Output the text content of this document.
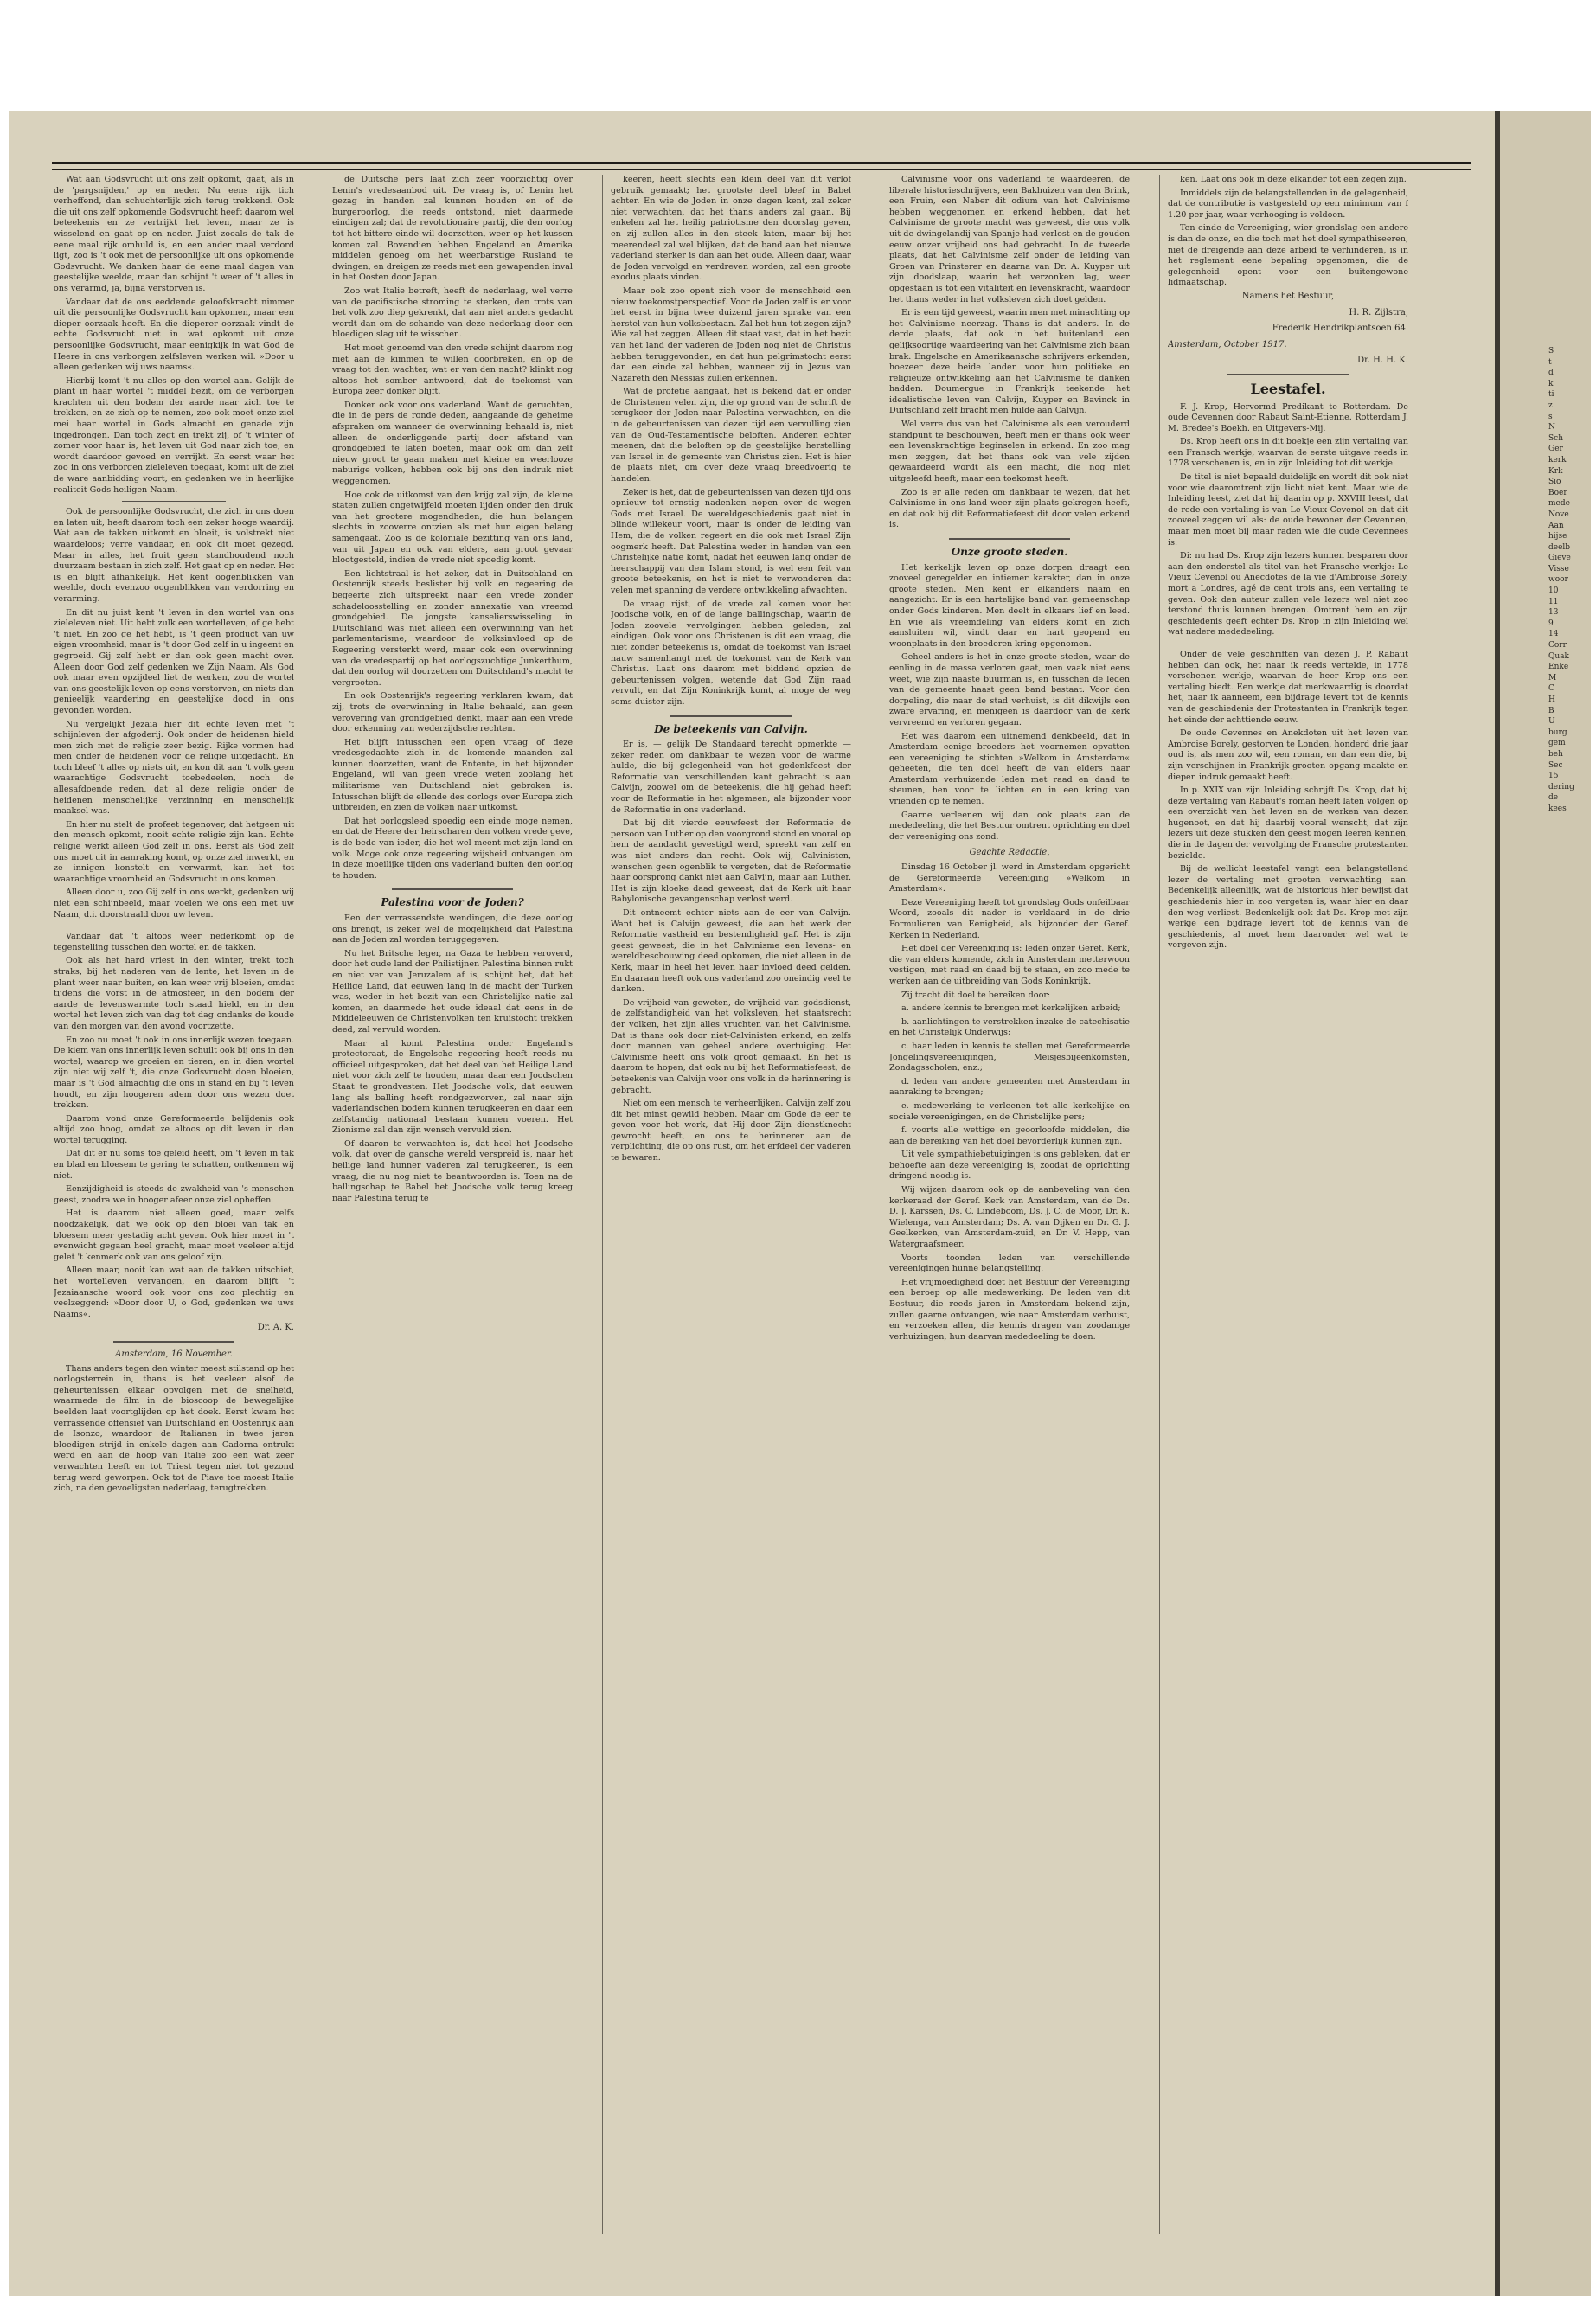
Wat aan Godsvrucht uit ons zelf opkomt, gaat, als in de 'pargsnijden,' op en neder. Nu eens rijk tich verheffend, dan schuchterlijk zich terug trekkend. Ook die uit ons zelf opkomende Godsvrucht heeft daarom wel beteekenis en ze vertrijkt het leven, maar ze is wisselend en gaat op en neder. Juist zooals de tak de eene maal rijk omhuld is, en een ander maal verdord ligt, zoo is 't ook met de persoonlijke uit ons opkomende Godsvrucht. We danken haar de eene maal dagen van geestelijke weelde, maar dan schijnt 't weer of 't alles in ons verarmd, ja, bijna verstorven is.

Vandaar dat de ons eeddende geloofskracht nimmer uit die persoonlijke Godsvrucht kan opkomen, maar een dieper oorzaak heeft. En die dieperer oorzaak vindt de echte Godsvrucht niet in wat opkomt uit onze persoonlijke Godsvrucht, maar eenigkijk in wat God de Heere in ons verborgen zelfsleven werken wil. »Door u alleen gedenken wij uws naams«.

Hierbij komt 't nu alles op den wortel aan. Gelijk de plant in haar wortel 't middel bezit, om de verborgen krachten uit den bodem der aarde naar zich toe te trekken, en ze zich op te nemen, zoo ook moet onze ziel mei haar wortel in Gods almacht en genade zijn ingedrongen. Dan toch zegt en trekt zij, of 't winter of zomer voor haar is, het leven uit God naar zich toe, en wordt daardoor gevoed en verrijkt. En eerst waar het zoo in ons verborgen zieleleven toegaat, komt uit de ziel de ware aanbidding voort, en gedenken we in heerlijke realiteit Gods heiligen Naam.

Ook de persoonlijke Godsvrucht, die zich in ons doen en laten uit, heeft daarom toch een zeker hooge waardij. Wat aan de takken uitkomt en bloeit, is volstrekt niet waardeloos; verre vandaar, en ook dit moet gezegd. Maar in alles, het fruit geen standhoudend noch duurzaam bestaan in zich zelf. Het gaat op en neder. Het is en blijft afhankelijk. Het kent oogenblikken van weelde, doch evenzoo oogenblikken van verdorring en verarming.

En dit nu juist kent 't leven in den wortel van ons zieleleven niet. Uit hebt zulk een wortelleven, of ge hebt 't niet. En zoo ge het hebt, is 't geen product van uw eigen vroomheid, maar is 't door God zelf in u ingeent en gegroeid. Gij zelf hebt er dan ook geen macht over. Alleen door God zelf gedenken we Zijn Naam. Als God ook maar even opzijdeel liet de werken, zou de wortel van ons geestelijk leven op eens verstorven, en niets dan genieelijk vaardering en geestelijke dood in ons gevonden worden.

Nu vergelijkt Jezaia hier dit echte leven met 't schijnleven der afgoderij. Ook onder de heidenen hield men zich met de religie zeer bezig. Rijke vormen had men onder de heidenen voor de religie uitgedacht. En toch bleef 't alles op niets uit, en kon dit aan 't volk geen waarachtige Godsvrucht toebedeelen, noch de allesafdoende reden, dat al deze religie onder de heidenen menschelijke verzinning en menschelijk maaksel was.

En hier nu stelt de profeet tegenover, dat hetgeen uit den mensch opkomt, nooit echte religie zijn kan. Echte religie werkt alleen God zelf in ons. Eerst als God zelf ons moet uit in aanraking komt, op onze ziel inwerkt, en ze innigen konstelt en verwarmt, kan het tot waarachtige vroomheid en Godsvrucht in ons komen.

Alleen door u, zoo Gij zelf in ons werkt, gedenken wij niet een schijnbeeld, maar voelen we ons een met uw Naam, d.i. doorstraald door uw leven.

Vandaar dat 't altoos weer nederkomt op de tegenstelling tusschen den wortel en de takken.

Ook als het hard vriest in den winter, trekt toch straks, bij het naderen van de lente, het leven in de plant weer naar buiten, en kan weer vrij bloeien, omdat tijdens die vorst in de atmosfeer, in den bodem der aarde de levenswarmte toch staad hield, en in den wortel het leven zich van dag tot dag ondanks de koude van den morgen van den avond voortzette.

En zoo nu moet 't ook in ons innerlijk wezen toegaan. De kiem van ons innerlijk leven schuilt ook bij ons in den wortel, waarop we groeien en tieren, en in dien wortel zijn niet wij zelf 't, die onze Godsvrucht doen bloeien, maar is 't God almachtig die ons in stand en bij 't leven houdt, en zijn hoogeren adem door ons wezen doet trekken.

Daarom vond onze Gereformeerde belijdenis ook altijd zoo hoog, omdat ze altoos op dit leven in den wortel terugging.

Dat dit er nu soms toe geleid heeft, om 't leven in tak en blad en bloesem te gering te schatten, ontkennen wij niet.

Eenzijdigheid is steeds de zwakheid van 's menschen geest, zoodra we in hooger afeer onze ziel opheffen.

Het is daarom niet alleen goed, maar zelfs noodzakelijk, dat we ook op den bloei van tak en bloesem meer gestadig acht geven. Ook hier moet in 't evenwicht gegaan heel gracht, maar moet veeleer altijd gelet 't kenmerk ook van ons geloof zijn.

Alleen maar, nooit kan wat aan de takken uitschiet, het wortelleven vervangen, en daarom blijft 't Jezaiaansche woord ook voor ons zoo plechtig en veelzeggend: »Door door U, o God, gedenken we uws Naams«.

Dr. A. K.
Amsterdam, 16 November.

Thans anders tegen den winter meest stilstand op het oorlogsterrein in, thans is het veeleer alsof de geheurtenissen elkaar opvolgen met de snelheid, waarmede de film in de bioscoop de bewegelijke beelden laat voortglijden op het doek. Eerst kwam het verrassende offensief van Duitschland en Oostenrijk aan de Isonzo, waardoor de Italianen in twee jaren bloedigen strijd in enkele dagen aan Cadorna ontrukt werd en aan de hoop van Italie zoo een wat zeer verwachten heeft en tot Triest tegen niet tot gezond terug werd geworpen. Ook tot de Piave toe moest Italie zich, na den gevoeligsten nederlaag, terugtrekken.

de Duitsche pers laat zich zeer voorzichtig over Lenin's vredesaanbod uit. De vraag is, of Lenin het gezag in handen zal kunnen houden en of de burgeroorlog, die reeds ontstond, niet daarmede eindigen zal; dat de revolutionaire partij, die den oorlog tot het bittere einde wil doorzetten, weer op het kussen komen zal. Bovendien hebben Engeland en Amerika middelen genoeg om het weerbarstige Rusland te dwingen, en dreigen ze reeds met een gewapenden inval in het Oosten door Japan.

Zoo wat Italie betreft, heeft de nederlaag, wel verre van de pacifistische stroming te sterken, den trots van het volk zoo diep gekrenkt, dat aan niet anders gedacht wordt dan om de schande van deze nederlaag door een bloedigen slag uit te wisschen.

Het moet genoemd van den vrede schijnt daarom nog niet aan de kimmen te willen doorbreken, en op de vraag tot den wachter, wat er van den nacht? klinkt nog altoos het somber antwoord, dat de toekomst van Europa zeer donker blijft.

Donker ook voor ons vaderland. Want de geruchten, die in de pers de ronde deden, aangaande de geheime afspraken om wanneer de overwinning behaald is, niet alleen de onderliggende partij door afstand van grondgebied te laten boeten, maar ook om dan zelf nieuw groot te gaan maken met kleine en weerlooze naburige volken, hebben ook bij ons den indruk niet weggenomen.

Hoe ook de uitkomst van den krijg zal zijn, de kleine staten zullen ongetwijfeld moeten lijden onder den druk van het grootere mogendheden, die hun belangen slechts in zooverre ontzien als met hun eigen belang samengaat. Zoo is de koloniale bezitting van ons land, van uit Japan en ook van elders, aan groot gevaar blootgesteld, indien de vrede niet spoedig komt.

Een lichtstraal is het zeker, dat in Duitschland en Oostenrijk steeds beslister bij volk en regeering de begeerte zich uitspreekt naar een vrede zonder schadeloosstelling en zonder annexatie van vreemd grondgebied. De jongste kanselierswisseling in Duitschland was niet alleen een overwinning van het parlementarisme, waardoor de volksinvloed op de Regeering versterkt werd, maar ook een overwinning van de vredespartij op het oorlogszuchtige Junkerthum, dat den oorlog wil doorzetten om Duitschland's macht te vergrooten.

En ook Oostenrijk's regeering verklaren kwam, dat zij, trots de overwinning in Italie behaald, aan geen verovering van grondgebied denkt, maar aan een vrede door erkenning van wederzijdsche rechten.

Het blijft intusschen een open vraag of deze vredesgedachte zich in de komende maanden zal kunnen doorzetten, want de Entente, in het bijzonder Engeland, wil van geen vrede weten zoolang het militarisme van Duitschland niet gebroken is. Intusschen blijft de ellende des oorlogs over Europa zich uitbreiden, en zien de volken naar uitkomst.

Dat het oorlogsleed spoedig een einde moge nemen, en dat de Heere der heirscharen den volken vrede geve, is de bede van ieder, die het wel meent met zijn land en volk. Moge ook onze regeering wijsheid ontvangen om in deze moeilijke tijden ons vaderland buiten den oorlog te houden.

Palestina voor de Joden?

Een der verrassendste wendingen, die deze oorlog ons brengt, is zeker wel de mogelijkheid dat Palestina aan de Joden zal worden teruggegeven.

Nu het Britsche leger, na Gaza te hebben veroverd, door het oude land der Philistijnen Palestina binnen rukt en niet ver van Jeruzalem af is, schijnt het, dat het Heilige Land, dat eeuwen lang in de macht der Turken was, weder in het bezit van een Christelijke natie zal komen, en daarmede het oude ideaal dat eens in de Middeleeuwen de Christenvolken ten kruistocht trekken deed, zal vervuld worden.

Maar al komt Palestina onder Engeland's protectoraat, de Engelsche regeering heeft reeds nu officieel uitgesproken, dat het deel van het Heilige Land niet voor zich zelf te houden, maar daar een Joodschen Staat te grondvesten. Het Joodsche volk, dat eeuwen lang als balling heeft rondgezworven, zal naar zijn vaderlandschen bodem kunnen terugkeeren en daar een zelfstandig nationaal bestaan kunnen voeren. Het Zionisme zal dan zijn wensch vervuld zien.

Of daaron te verwachten is, dat heel het Joodsche volk, dat over de gansche wereld verspreid is, naar het heilige land hunner vaderen zal terugkeeren, is een vraag, die nu nog niet te beantwoorden is. Toen na de ballingschap te Babel het Joodsche volk terug kreeg naar Palestina terug te

keeren, heeft slechts een klein deel van dit verlof gebruik gemaakt; het grootste deel bleef in Babel achter. En wie de Joden in onze dagen kent, zal zeker niet verwachten, dat het thans anders zal gaan. Bij enkelen zal het heilig patriotisme den doorslag geven, en zij zullen alles in den steek laten, maar bij het meerendeel zal wel blijken, dat de band aan het nieuwe vaderland sterker is dan aan het oude. Alleen daar, waar de Joden vervolgd en verdreven worden, zal een groote exodus plaats vinden.

Maar ook zoo opent zich voor de menschheid een nieuw toekomstperspectief. Voor de Joden zelf is er voor het eerst in bijna twee duizend jaren sprake van een herstel van hun volksbestaan. Zal het hun tot zegen zijn? Wie zal het zeggen. Alleen dit staat vast, dat in het bezit van het land der vaderen de Joden nog niet de Christus hebben teruggevonden, en dat hun pelgrimstocht eerst dan een einde zal hebben, wanneer zij in Jezus van Nazareth den Messias zullen erkennen.

Wat de profetie aangaat, het is bekend dat er onder de Christenen velen zijn, die op grond van de schrift de terugkeer der Joden naar Palestina verwachten, en die in de gebeurtenissen van dezen tijd een vervulling zien van de Oud-Testamentische beloften. Anderen echter meenen, dat die beloften op de geestelijke herstelling van Israel in de gemeente van Christus zien. Het is hier de plaats niet, om over deze vraag breedvoerig te handelen.

Zeker is het, dat de gebeurtenissen van dezen tijd ons opnieuw tot ernstig nadenken nopen over de wegen Gods met Israel. De wereldgeschiedenis gaat niet in blinde willekeur voort, maar is onder de leiding van Hem, die de volken regeert en die ook met Israel Zijn oogmerk heeft. Dat Palestina weder in handen van een Christelijke natie komt, nadat het eeuwen lang onder de heerschappij van den Islam stond, is wel een feit van groote beteekenis, en het is niet te verwonderen dat velen met spanning de verdere ontwikkeling afwachten.

De vraag rijst, of de vrede zal komen voor het Joodsche volk, en of de lange ballingschap, waarin de Joden zoovele vervolgingen hebben geleden, zal eindigen. Ook voor ons Christenen is dit een vraag, die niet zonder beteekenis is, omdat de toekomst van Israel nauw samenhangt met de toekomst van de Kerk van Christus. Laat ons daarom met biddend opzien de gebeurtenissen volgen, wetende dat God Zijn raad vervult, en dat Zijn Koninkrijk komt, al moge de weg soms duister zijn.

De beteekenis van Calvijn.

Er is, — gelijk De Standaard terecht opmerkte — zeker reden om dankbaar te wezen voor de warme hulde, die bij gelegenheid van het gedenkfeest der Reformatie van verschillenden kant gebracht is aan Calvijn, zoowel om de beteekenis, die hij gehad heeft voor de Reformatie in het algemeen, als bijzonder voor de Reformatie in ons vaderland.

Dat bij dit vierde eeuwfeest der Reformatie de persoon van Luther op den voorgrond stond en vooral op hem de aandacht gevestigd werd, spreekt van zelf en was niet anders dan recht. Ook wij, Calvinisten, wenschen geen ogenblik te vergeten, dat de Reformatie haar oorsprong dankt niet aan Calvijn, maar aan Luther. Het is zijn kloeke daad geweest, dat de Kerk uit haar Babylonische gevangenschap verlost werd.

Dit ontneemt echter niets aan de eer van Calvijn. Want het is Calvijn geweest, die aan het werk der Reformatie vastheid en bestendigheid gaf. Het is zijn geest geweest, die in het Calvinisme een levens- en wereldbeschouwing deed opkomen, die niet alleen in de Kerk, maar in heel het leven haar invloed deed gelden. En daaraan heeft ook ons vaderland zoo oneindig veel te danken.

De vrijheid van geweten, de vrijheid van godsdienst, de zelfstandigheid van het volksleven, het staatsrecht der volken, het zijn alles vruchten van het Calvinisme. Dat is thans ook door niet-Calvinisten erkend, en zelfs door mannen van geheel andere overtuiging. Het Calvinisme heeft ons volk groot gemaakt. En het is daarom te hopen, dat ook nu bij het Reformatiefeest, de beteekenis van Calvijn voor ons volk in de herinnering is gebracht.

Niet om een mensch te verheerlijken. Calvijn zelf zou dit het minst gewild hebben. Maar om Gode de eer te geven voor het werk, dat Hij door Zijn dienstknecht gewrocht heeft, en ons te herinneren aan de verplichting, die op ons rust, om het erfdeel der vaderen te bewaren.

Calvinisme voor ons vaderland te waardeeren, de liberale historieschrijvers, een Bakhuizen van den Brink, een Fruin, een Naber dit odium van het Calvinisme hebben weggenomen en erkend hebben, dat het Calvinisme de groote macht was geweest, die ons volk uit de dwingelandij van Spanje had verlost en de gouden eeuw onzer vrijheid ons had gebracht. In de tweede plaats, dat het Calvinisme zelf onder de leiding van Groen van Prinsterer en daarna van Dr. A. Kuyper uit zijn doodslaap, waarin het verzonken lag, weer opgestaan is tot een vitaliteit en levenskracht, waardoor het thans weder in het volksleven zich doet gelden.

Er is een tijd geweest, waarin men met minachting op het Calvinisme neerzag. Thans is dat anders. In de derde plaats, dat ook in het buitenland een gelijksoortige waardeering van het Calvinisme zich baan brak. Engelsche en Amerikaansche schrijvers erkenden, hoezeer deze beide landen voor hun politieke en religieuze ontwikkeling aan het Calvinisme te danken hadden. Doumergue in Frankrijk teekende het idealistische leven van Calvijn, Kuyper en Bavinck in Duitschland zelf bracht men hulde aan Calvijn.

Wel verre dus van het Calvinisme als een verouderd standpunt te beschouwen, heeft men er thans ook weer een levenskrachtige beginselen in erkend. En zoo mag men zeggen, dat het thans ook van vele zijden gewaardeerd wordt als een macht, die nog niet uitgeleefd heeft, maar een toekomst heeft.

Zoo is er alle reden om dankbaar te wezen, dat het Calvinisme in ons land weer zijn plaats gekregen heeft, en dat ook bij dit Reformatiefeest dit door velen erkend is.

Onze groote steden.

Het kerkelijk leven op onze dorpen draagt een zooveel geregelder en intiemer karakter, dan in onze groote steden. Men kent er elkanders naam en aangezicht. Er is een hartelijke band van gemeenschap onder Gods kinderen. Men deelt in elkaars lief en leed. En wie als vreemdeling van elders komt en zich aansluiten wil, vindt daar en hart geopend en woonplaats in den broederen kring opgenomen.

Geheel anders is het in onze groote steden, waar de eenling in de massa verloren gaat, men vaak niet eens weet, wie zijn naaste buurman is, en tusschen de leden van de gemeente haast geen band bestaat. Voor den dorpeling, die naar de stad verhuist, is dit dikwijls een zware ervaring, en menigeen is daardoor van de kerk vervreemd en verloren gegaan.

Het was daarom een uitnemend denkbeeld, dat in Amsterdam eenige broeders het voornemen opvatten een vereeniging te stichten »Welkom in Amsterdam« geheeten, die ten doel heeft de van elders naar Amsterdam verhuizende leden met raad en daad te steunen, hen voor te lichten en in een kring van vrienden op te nemen.

Gaarne verleenen wij dan ook plaats aan de mededeeling, die het Bestuur omtrent oprichting en doel der vereeniging ons zond.

Geachte Redactie,

Dinsdag 16 October jl. werd in Amsterdam opgericht de Gereformeerde Vereeniging »Welkom in Amsterdam«.

Deze Vereeniging heeft tot grondslag Gods onfeilbaar Woord, zooals dit nader is verklaard in de drie Formulieren van Eenigheid, als bijzonder der Geref. Kerken in Nederland.

Het doel der Vereeniging is: leden onzer Geref. Kerk, die van elders komende, zich in Amsterdam metterwoon vestigen, met raad en daad bij te staan, en zoo mede te werken aan de uitbreiding van Gods Koninkrijk.

Zij tracht dit doel te bereiken door:

a. andere kennis te brengen met kerkelijken arbeid;

b. aanlichtingen te verstrekken inzake de catechisatie en het Christelijk Onderwijs;

c. haar leden in kennis te stellen met Gereformeerde Jongelingsvereenigingen, Meisjesbijeenkomsten, Zondagsscholen, enz.;

d. leden van andere gemeenten met Amsterdam in aanraking te brengen;

e. medewerking te verleenen tot alle kerkelijke en sociale vereenigingen, en de Christelijke pers;

f. voorts alle wettige en geoorloofde middelen, die aan de bereiking van het doel bevorderlijk kunnen zijn.

Uit vele sympathiebetuigingen is ons gebleken, dat er behoefte aan deze vereeniging is, zoodat de oprichting dringend noodig is.

Wij wijzen daarom ook op de aanbeveling van den kerkeraad der Geref. Kerk van Amsterdam, van de Ds. D. J. Karssen, Ds. C. Lindeboom, Ds. J. C. de Moor, Dr. K. Wielenga, van Amsterdam; Ds. A. van Dijken en Dr. G. J. Geelkerken, van Amsterdam-zuid, en Dr. V. Hepp, van Watergraafsmeer.

Voorts toonden leden van verschillende vereenigingen hunne belangstelling.

Het vrijmoedigheid doet het Bestuur der Vereeniging een beroep op alle medewerking. De leden van dit Bestuur, die reeds jaren in Amsterdam bekend zijn, zullen gaarne ontvangen, wie naar Amsterdam verhuist, en verzoeken allen, die kennis dragen van zoodanige verhuizingen, hun daarvan mededeeling te doen.

ken. Laat ons ook in deze elkander tot een zegen zijn.

Inmiddels zijn de belangstellenden in de gelegenheid, dat de contributie is vastgesteld op een minimum van f 1.20 per jaar, waar verhooging is voldoen.

Ten einde de Vereeniging, wier grondslag een andere is dan de onze, en die toch met het doel sympathiseeren, niet de dreigende aan deze arbeid te verhinderen, is in het reglement eene bepaling opgenomen, die de gelegenheid opent voor een buitengewone lidmaatschap.

Namens het Bestuur,
H. R. Zijlstra,
Frederik Hendrikplantsoen 64.
Amsterdam, October 1917.
Dr. H. H. K.
Leestafel.

F. J. Krop, Hervormd Predikant te Rotterdam. De oude Cevennen door Rabaut Saint-Etienne. Rotterdam J. M. Bredee's Boekh. en Uitgevers-Mij.

Ds. Krop heeft ons in dit boekje een zijn vertaling van een Fransch werkje, waarvan de eerste uitgave reeds in 1778 verschenen is, en in zijn Inleiding tot dit werkje.

De titel is niet bepaald duidelijk en wordt dit ook niet voor wie daaromtrent zijn licht niet kent. Maar wie de Inleiding leest, ziet dat hij daarin op p. XXVIII leest, dat de rede een vertaling is van Le Vieux Cevenol en dat dit zooveel zeggen wil als: de oude bewoner der Cevennen, maar men moet bij maar raden wie die oude Cevennees is.

Di: nu had Ds. Krop zijn lezers kunnen besparen door aan den onderstel als titel van het Fransche werkje: Le Vieux Cevenol ou Anecdotes de la vie d'Ambroise Borely, mort a Londres, agé de cent trois ans, een vertaling te geven. Ook den auteur zullen vele lezers wel niet zoo terstond thuis kunnen brengen. Omtrent hem en zijn geschiedenis geeft echter Ds. Krop in zijn Inleiding wel wat nadere mededeeling.

Onder de vele geschriften van dezen J. P. Rabaut hebben dan ook, het naar ik reeds vertelde, in 1778 verschenen werkje, waarvan de heer Krop ons een vertaling biedt. Een werkje dat merkwaardig is doordat het, naar ik aanneem, een bijdrage levert tot de kennis van de geschiedenis der Protestanten in Frankrijk tegen het einde der achttiende eeuw.

De oude Cevennes en Anekdoten uit het leven van Ambroise Borely, gestorven te Londen, honderd drie jaar oud is, als men zoo wil, een roman, en dan een die, bij zijn verschijnen in Frankrijk grooten opgang maakte en diepen indruk gemaakt heeft.

In p. XXIX van zijn Inleiding schrijft Ds. Krop, dat hij deze vertaling van Rabaut's roman heeft laten volgen op een overzicht van het leven en de werken van dezen hugenoot, en dat hij daarbij vooral wenscht, dat zijn lezers uit deze stukken den geest mogen leeren kennen, die in de dagen der vervolging de Fransche protestanten bezielde.

Bij de wellicht leestafel vangt een belangstellend lezer de vertaling met grooten verwachting aan. Bedenkelijk alleenlijk, wat de historicus hier bewijst dat geschiedenis hier in zoo vergeten is, waar hier en daar den weg verliest. Bedenkelijk ook dat Ds. Krop met zijn werkje een bijdrage levert tot de kennis van de geschiedenis, al moet hem daaronder wel wat te vergeven zijn.

S
t
d
k
ti
z
s
N
Sch
Ger
kerk
Krk
Sio
Boer
mede
Nove
Aan
hijse
deelb
Gieve
Visse
woor
10
11
13
9
14
Corr
Quak
Enke
M
C
H
B
U
burg
gem
beh
Sec
15
dering
de
kees
